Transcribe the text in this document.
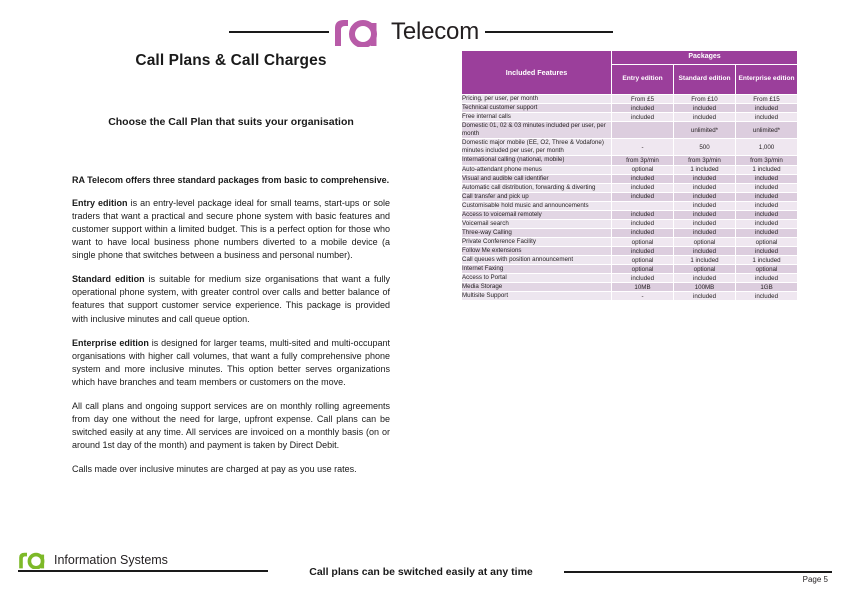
Telecom
Call Plans & Call Charges
Choose the Call Plan that suits your organisation
RA Telecom offers three standard packages from basic to comprehensive.
Entry edition is an entry-level package ideal for small teams, start-ups or sole traders that want a practical and secure phone system with basic features and customer support within a limited budget. This is a perfect option for those who want to have local business phone numbers diverted to a mobile device (a single phone that switches between a business and personal number).
Standard edition is suitable for medium size organisations that want a fully operational phone system, with greater control over calls and better balance of features that support customer service experience. This package is provided with inclusive minutes and call queue option.
Enterprise edition is designed for larger teams, multi-sited and multi-occupant organisations with higher call volumes, that want a fully comprehensive phone system and more inclusive minutes. This option better serves organizations which have branches and team members or customers on the move.
All call plans and ongoing support services are on monthly rolling agreements from day one without the need for large, upfront expense. Call plans can be switched easily at any time. All services are invoiced on a monthly basis (on or around 1st day of the month) and payment is taken by Direct Debit.
Calls made over inclusive minutes are charged at pay as you use rates.
Included Features	Packages		
	Entry edition	Standard edition	Enterprise edition
Pricing, per user, per month	From £5	From £10	From £15
Technical customer support	included	included	included
Free internal calls	included	included	included
Domestic 01, 02 & 03 minutes included per user, per month		unlimited*	unlimited*
Domestic major mobile (EE, O2, Three & Vodafone) minutes included per user, per month	-	500	1,000
International calling (national, mobile)	from 3p/min	from 3p/min	from 3p/min
Auto-attendant phone menus	optional	1 included	1 included
Visual and audible call identifier	included	included	included
Automatic call distribution, forwarding & diverting	included	included	included
Call transfer and pick up	included	included	included
Customisable hold music and announcements		included	included
Access to voicemail remotely	included	included	included
Voicemail search	included	included	included
Three-way Calling	included	included	included
Private Conference Facility	optional	optional	optional
Follow Me extensions	included	included	included
Call queues with position announcement	optional	1 included	1 included
Internet Faxing	optional	optional	optional
Access to Portal	included	included	included
Media Storage	10MB	100MB	1GB
Multisite Support	-	included	included
Information Systems
Call plans can be switched easily at any time
Page 5
